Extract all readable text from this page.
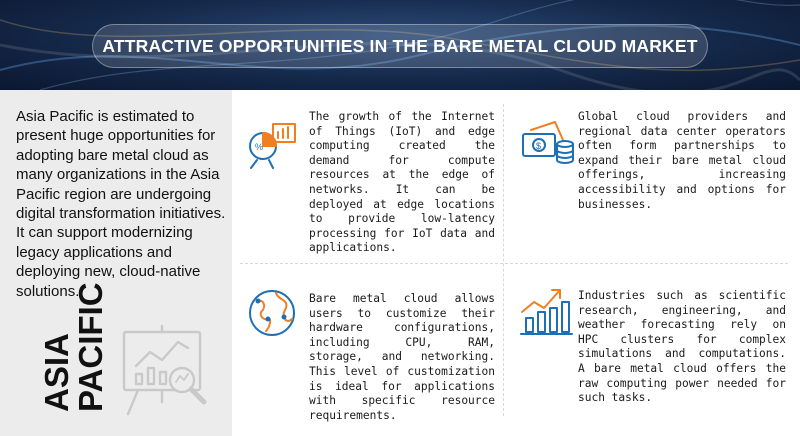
ATTRACTIVE OPPORTUNITIES IN THE BARE METAL CLOUD MARKET
Asia Pacific is estimated to present huge opportunities for adopting bare metal cloud as many organizations in the Asia Pacific region are undergoing digital transformation initiatives. It can support modernizing legacy applications and deploying new, cloud-native solutions.
ASIA
PACIFIC
%
The growth of the Internet of Things (IoT) and edge computing created the demand for compute resources at the edge of networks. It can be deployed at edge locations to provide low-latency processing for IoT data and applications.
$
Global cloud providers and regional data center operators often form partnerships to expand their bare metal cloud offerings, increasing accessibility and options for businesses.
Bare metal cloud allows users to customize their hardware configurations, including CPU, RAM, storage, and networking. This level of customization is ideal for applications with specific resource requirements.
Industries such as scientific research, engineering, and weather forecasting rely on HPC clusters for complex simulations and computations. A bare metal cloud offers the raw computing power needed for such tasks.
